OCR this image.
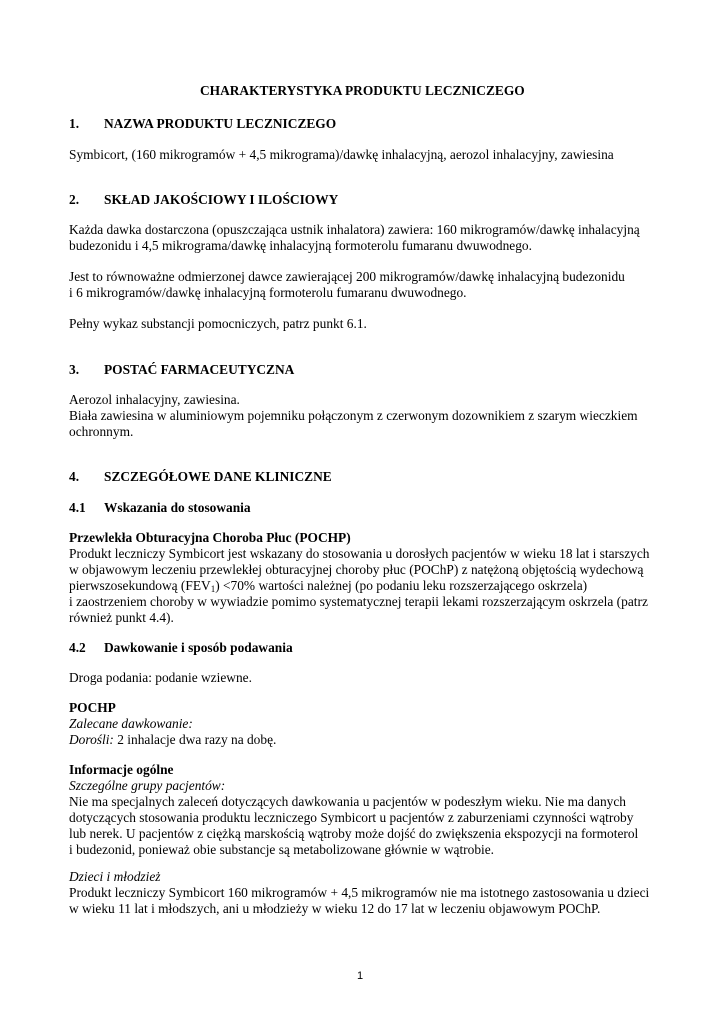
CHARAKTERYSTYKA PRODUKTU LECZNICZEGO
1. NAZWA PRODUKTU LECZNICZEGO
Symbicort, (160 mikrogramów + 4,5 mikrograma)/dawkę inhalacyjną, aerozol inhalacyjny, zawiesina
2. SKŁAD JAKOŚCIOWY I ILOŚCIOWY
Każda dawka dostarczona (opuszczająca ustnik inhalatora) zawiera: 160 mikrogramów/dawkę inhalacyjną
budezonidu i 4,5 mikrograma/dawkę inhalacyjną formoterolu fumaranu dwuwodnego.
Jest to równoważne odmierzonej dawce zawierającej 200 mikrogramów/dawkę inhalacyjną budezonidu
i 6 mikrogramów/dawkę inhalacyjną formoterolu fumaranu dwuwodnego.
Pełny wykaz substancji pomocniczych, patrz punkt 6.1.
3. POSTAĆ FARMACEUTYCZNA
Aerozol inhalacyjny, zawiesina.
Biała zawiesina w aluminiowym pojemniku połączonym z czerwonym dozownikiem z szarym wieczkiem
ochronnym.
4. SZCZEGÓŁOWE DANE KLINICZNE
4.1 Wskazania do stosowania
Przewlekła Obturacyjna Choroba Płuc (POCHP)
Produkt leczniczy Symbicort jest wskazany do stosowania u dorosłych pacjentów w wieku 18 lat i starszych
w objawowym leczeniu przewlekłej obturacyjnej choroby płuc (POChP) z natężoną objętością wydechową
pierwszosekundową $(FEV_1) <70\%$ wartości należnej (po podaniu leku rozszerzającego oskrzela)
i zaostrzeniem choroby w wywiadzie pomimo systematycznej terapii lekami rozszerzającym oskrzela (patrz
również punkt 4.4).
4.2 Dawkowanie i sposób podawania
Droga podania: podanie wziewne.
POCHP
Zalecane dawkowanie:
Dorośli: 2 inhalacje dwa razy na dobę.
Informacje ogólne
Szczególne grupy pacjentów:
Nie ma specjalnych zaleceń dotyczących dawkowania u pacjentów w podeszłym wieku. Nie ma danych
dotyczących stosowania produktu leczniczego Symbicort u pacjentów z zaburzeniami czynności wątroby
lub nerek. U pacjentów z ciężką marskością wątroby może dojść do zwiększenia ekspozycji na formoterol
i budezonid, ponieważ obie substancje są metabolizowane głównie w wątrobie.
Dzieci i młodzież
Produkt leczniczy Symbicort 160 mikrogramów + 4,5 mikrogramów nie ma istotnego zastosowania u dzieci
w wieku 11 lat i młodszych, ani u młodzieży w wieku 12 do 17 lat w leczeniu objawowym POChP.
1
